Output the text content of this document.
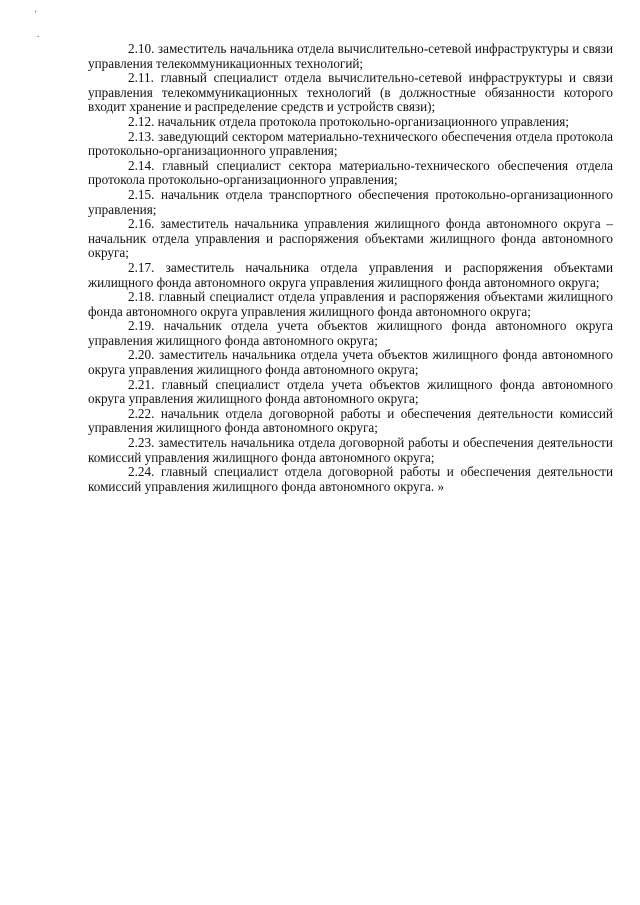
'
.

2.10. заместитель начальника отдела вычислительно-сетевой инфраструктуры и связи управления телекоммуникационных технологий;

2.11. главный специалист отдела вычислительно-сетевой инфраструктуры и связи управления телекоммуникационных технологий (в должностные обязанности которого входит хранение и распределение средств и устройств связи);

2.12. начальник отдела протокола протокольно-организационного управления;

2.13. заведующий сектором материально-технического обеспечения отдела протокола протокольно-организационного управления;

2.14. главный специалист сектора материально-технического обеспечения отдела протокола протокольно-организационного управления;

2.15. начальник отдела транспортного обеспечения протокольно-организационного управления;

2.16. заместитель начальника управления жилищного фонда автономного округа – начальник отдела управления и распоряжения объектами жилищного фонда автономного округа;

2.17. заместитель начальника отдела управления и распоряжения объектами жилищного фонда автономного округа управления жилищного фонда автономного округа;

2.18. главный специалист отдела управления и распоряжения объектами жилищного фонда автономного округа управления жилищного фонда автономного округа;

2.19. начальник отдела учета объектов жилищного фонда автономного округа управления жилищного фонда автономного округа;

2.20. заместитель начальника отдела учета объектов жилищного фонда автономного округа управления жилищного фонда автономного округа;

2.21. главный специалист отдела учета объектов жилищного фонда автономного округа управления жилищного фонда автономного округа;

2.22. начальник отдела договорной работы и обеспечения деятельности комиссий управления жилищного фонда автономного округа;

2.23. заместитель начальника отдела договорной работы и обеспечения деятельности комиссий управления жилищного фонда автономного округа;

2.24. главный специалист отдела договорной работы и обеспечения деятельности комиссий управления жилищного фонда автономного округа. »
